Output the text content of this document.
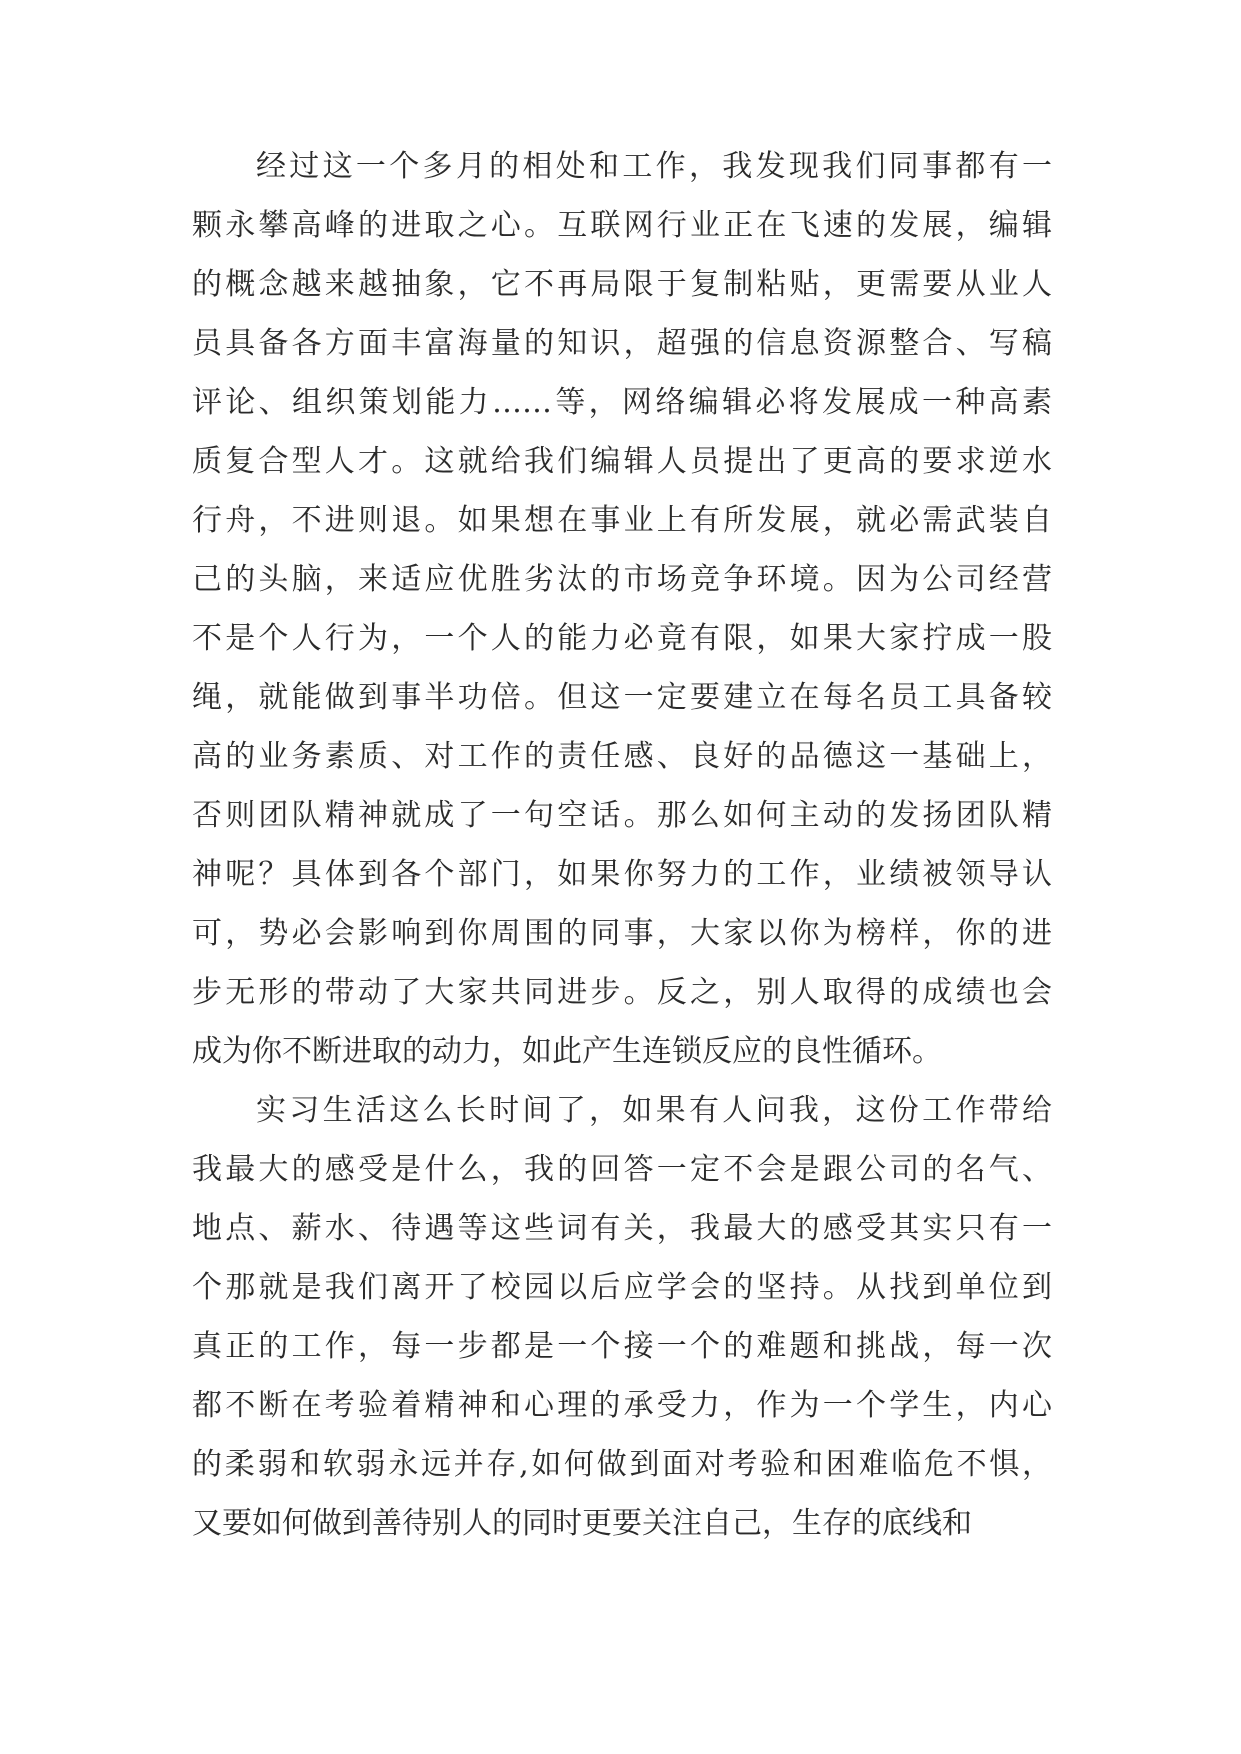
经过这一个多月的相处和工作，我发现我们同事都有一
颗永攀高峰的进取之心。互联网行业正在飞速的发展，编辑
的概念越来越抽象，它不再局限于复制粘贴，更需要从业人
员具备各方面丰富海量的知识，超强的信息资源整合、写稿
评论、组织策划能力……等，网络编辑必将发展成一种高素
质复合型人才。这就给我们编辑人员提出了更高的要求逆水
行舟，不进则退。如果想在事业上有所发展，就必需武装自
己的头脑，来适应优胜劣汰的市场竞争环境。因为公司经营
不是个人行为，一个人的能力必竟有限，如果大家拧成一股
绳，就能做到事半功倍。但这一定要建立在每名员工具备较
高的业务素质、对工作的责任感、良好的品德这一基础上，
否则团队精神就成了一句空话。那么如何主动的发扬团队精
神呢？具体到各个部门，如果你努力的工作，业绩被领导认
可，势必会影响到你周围的同事，大家以你为榜样，你的进
步无形的带动了大家共同进步。反之，别人取得的成绩也会
成为你不断进取的动力，如此产生连锁反应的良性循环。
实习生活这么长时间了，如果有人问我，这份工作带给
我最大的感受是什么，我的回答一定不会是跟公司的名气、
地点、薪水、待遇等这些词有关，我最大的感受其实只有一
个那就是我们离开了校园以后应学会的坚持。从找到单位到
真正的工作，每一步都是一个接一个的难题和挑战，每一次
都不断在考验着精神和心理的承受力，作为一个学生，内心
的柔弱和软弱永远并存,如何做到面对考验和困难临危不惧，
又要如何做到善待别人的同时更要关注自己，生存的底线和
